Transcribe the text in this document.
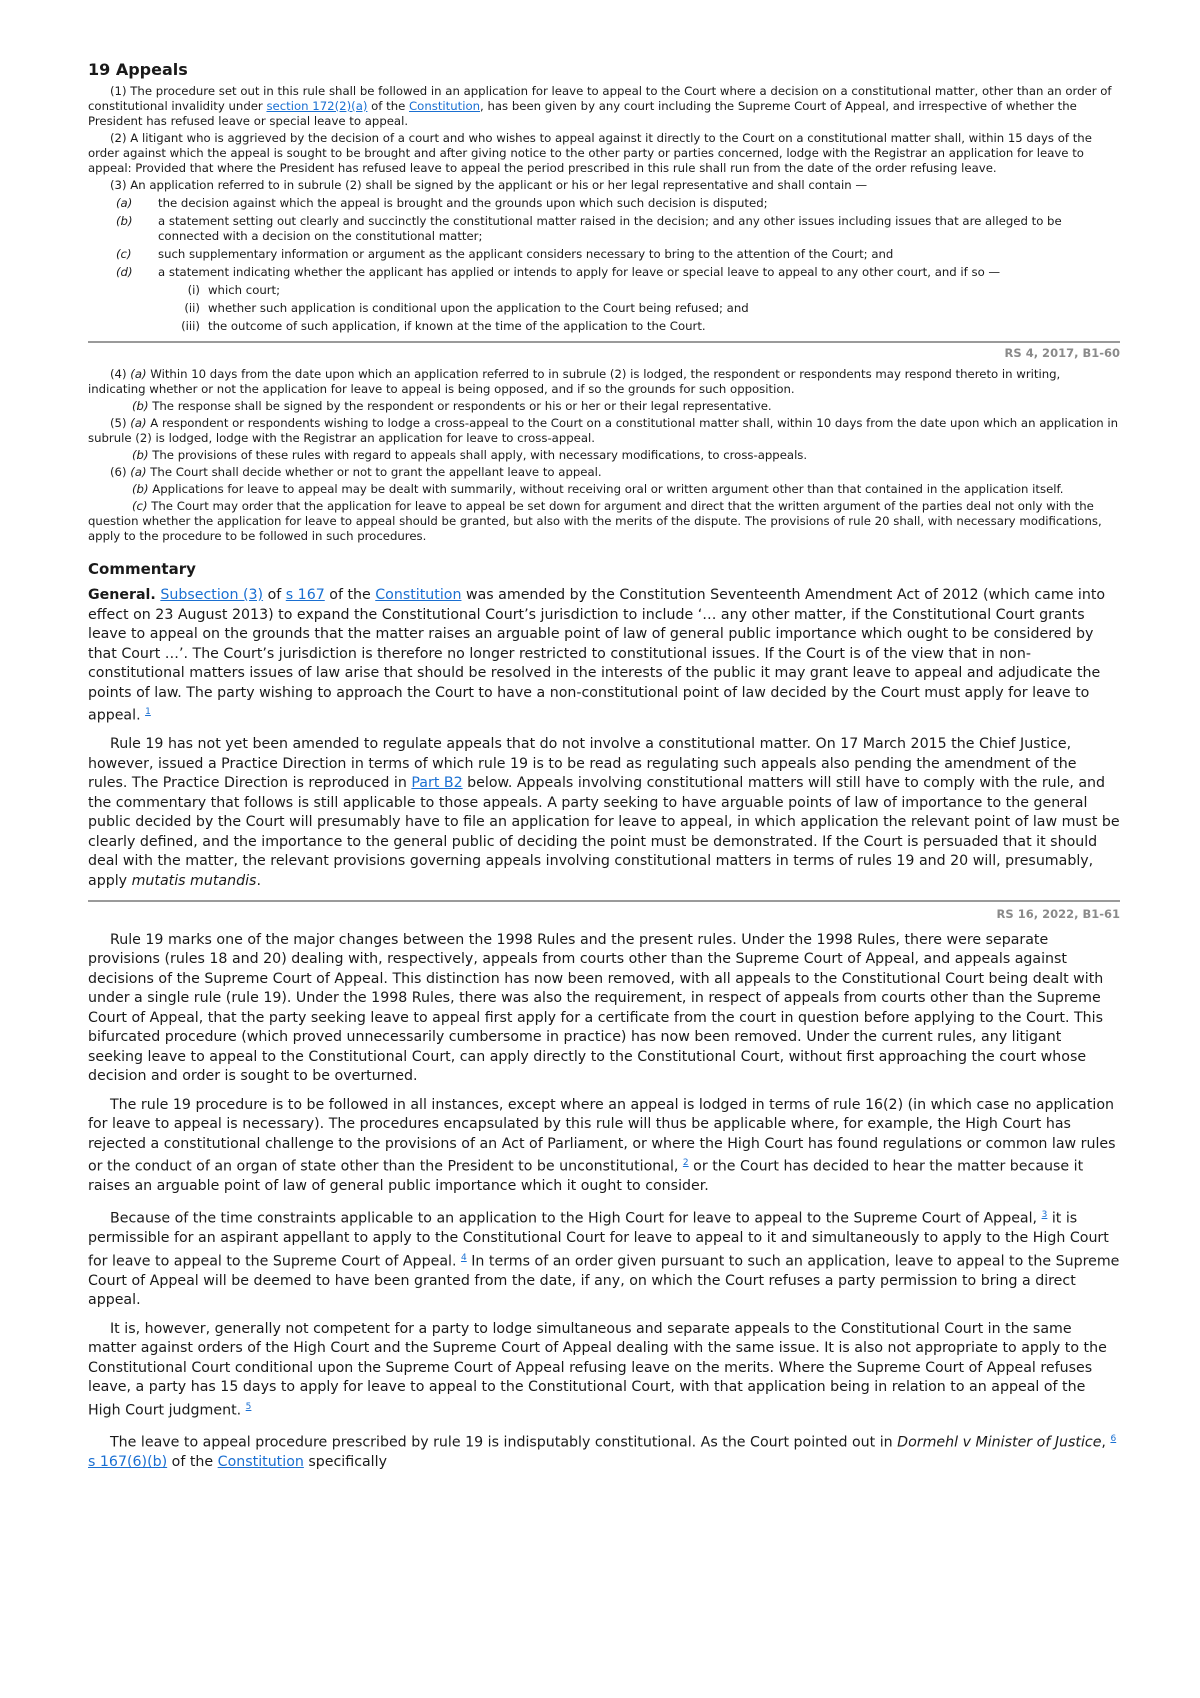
19 Appeals

(1) The procedure set out in this rule shall be followed in an application for leave to appeal to the Court where a decision on a constitutional matter, other than an order of constitutional invalidity under section 172(2)(a) of the Constitution, has been given by any court including the Supreme Court of Appeal, and irrespective of whether the President has refused leave or special leave to appeal.

(2) A litigant who is aggrieved by the decision of a court and who wishes to appeal against it directly to the Court on a constitutional matter shall, within 15 days of the order against which the appeal is sought to be brought and after giving notice to the other party or parties concerned, lodge with the Registrar an application for leave to appeal: Provided that where the President has refused leave to appeal the period prescribed in this rule shall run from the date of the order refusing leave.

(3) An application referred to in subrule (2) shall be signed by the applicant or his or her legal representative and shall contain —

(a)	the decision against which the appeal is brought and the grounds upon which such decision is disputed;
(b)	a statement setting out clearly and succinctly the constitutional matter raised in the decision; and any other issues including issues that are alleged to be connected with a decision on the constitutional matter;
(c)	such supplementary information or argument as the applicant considers necessary to bring to the attention of the Court; and
(d)	a statement indicating whether the applicant has applied or intends to apply for leave or special leave to appeal to any other court, and if so —
(i) which court;
(ii) whether such application is conditional upon the application to the Court being refused; and
(iii) the outcome of such application, if known at the time of the application to the Court.
RS 4, 2017, B1-60

(4) (a) Within 10 days from the date upon which an application referred to in subrule (2) is lodged, the respondent or respondents may respond thereto in writing, indicating whether or not the application for leave to appeal is being opposed, and if so the grounds for such opposition.

(b) The response shall be signed by the respondent or respondents or his or her or their legal representative.

(5) (a) A respondent or respondents wishing to lodge a cross-appeal to the Court on a constitutional matter shall, within 10 days from the date upon which an application in subrule (2) is lodged, lodge with the Registrar an application for leave to cross-appeal.

(b) The provisions of these rules with regard to appeals shall apply, with necessary modifications, to cross-appeals.

(6) (a) The Court shall decide whether or not to grant the appellant leave to appeal.

(b) Applications for leave to appeal may be dealt with summarily, without receiving oral or written argument other than that contained in the application itself.

(c) The Court may order that the application for leave to appeal be set down for argument and direct that the written argument of the parties deal not only with the question whether the application for leave to appeal should be granted, but also with the merits of the dispute. The provisions of rule 20 shall, with necessary modifications, apply to the procedure to be followed in such procedures.

Commentary

General. Subsection (3) of s 167 of the Constitution was amended by the Constitution Seventeenth Amendment Act of 2012 (which came into effect on 23 August 2013) to expand the Constitutional Court’s jurisdiction to include ‘… any other matter, if the Constitutional Court grants leave to appeal on the grounds that the matter raises an arguable point of law of general public importance which ought to be considered by that Court …’. The Court’s jurisdiction is therefore no longer restricted to constitutional issues. If the Court is of the view that in non-constitutional matters issues of law arise that should be resolved in the interests of the public it may grant leave to appeal and adjudicate the points of law. The party wishing to approach the Court to have a non-constitutional point of law decided by the Court must apply for leave to appeal. $^1$

Rule 19 has not yet been amended to regulate appeals that do not involve a constitutional matter. On 17 March 2015 the Chief Justice, however, issued a Practice Direction in terms of which rule 19 is to be read as regulating such appeals also pending the amendment of the rules. The Practice Direction is reproduced in Part B2 below. Appeals involving constitutional matters will still have to comply with the rule, and the commentary that follows is still applicable to those appeals. A party seeking to have arguable points of law of importance to the general public decided by the Court will presumably have to file an application for leave to appeal, in which application the relevant point of law must be clearly defined, and the importance to the general public of deciding the point must be demonstrated. If the Court is persuaded that it should deal with the matter, the relevant provisions governing appeals involving constitutional matters in terms of rules 19 and 20 will, presumably, apply mutatis mutandis.

RS 16, 2022, B1-61

Rule 19 marks one of the major changes between the 1998 Rules and the present rules. Under the 1998 Rules, there were separate provisions (rules 18 and 20) dealing with, respectively, appeals from courts other than the Supreme Court of Appeal, and appeals against decisions of the Supreme Court of Appeal. This distinction has now been removed, with all appeals to the Constitutional Court being dealt with under a single rule (rule 19). Under the 1998 Rules, there was also the requirement, in respect of appeals from courts other than the Supreme Court of Appeal, that the party seeking leave to appeal first apply for a certificate from the court in question before applying to the Court. This bifurcated procedure (which proved unnecessarily cumbersome in practice) has now been removed. Under the current rules, any litigant seeking leave to appeal to the Constitutional Court, can apply directly to the Constitutional Court, without first approaching the court whose decision and order is sought to be overturned.

The rule 19 procedure is to be followed in all instances, except where an appeal is lodged in terms of rule 16(2) (in which case no application for leave to appeal is necessary). The procedures encapsulated by this rule will thus be applicable where, for example, the High Court has rejected a constitutional challenge to the provisions of an Act of Parliament, or where the High Court has found regulations or common law rules or the conduct of an organ of state other than the President to be unconstitutional, $^2$ or the Court has decided to hear the matter because it raises an arguable point of law of general public importance which it ought to consider.

Because of the time constraints applicable to an application to the High Court for leave to appeal to the Supreme Court of Appeal, $^3$ it is permissible for an aspirant appellant to apply to the Constitutional Court for leave to appeal to it and simultaneously to apply to the High Court for leave to appeal to the Supreme Court of Appeal. $^4$ In terms of an order given pursuant to such an application, leave to appeal to the Supreme Court of Appeal will be deemed to have been granted from the date, if any, on which the Court refuses a party permission to bring a direct appeal.

It is, however, generally not competent for a party to lodge simultaneous and separate appeals to the Constitutional Court in the same matter against orders of the High Court and the Supreme Court of Appeal dealing with the same issue. It is also not appropriate to apply to the Constitutional Court conditional upon the Supreme Court of Appeal refusing leave on the merits. Where the Supreme Court of Appeal refuses leave, a party has 15 days to apply for leave to appeal to the Constitutional Court, with that application being in relation to an appeal of the High Court judgment. $^5$

The leave to appeal procedure prescribed by rule 19 is indisputably constitutional. As the Court pointed out in Dormehl v Minister of Justice, $^6$ s 167(6)(b) of the Constitution specifically
